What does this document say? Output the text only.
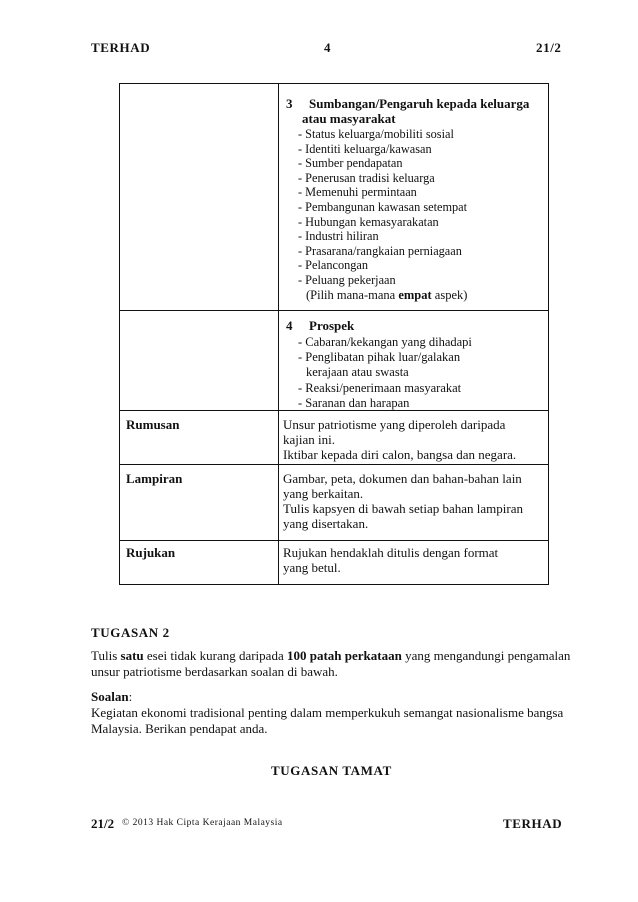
TERHAD	4	21/2
3 Sumbangan/Pengaruh kepada keluarga
atau masyarakat
- Status keluarga/mobiliti sosial
- Identiti keluarga/kawasan
- Sumber pendapatan
- Penerusan tradisi keluarga
- Memenuhi permintaan
- Pembangunan kawasan setempat
- Hubungan kemasyarakatan
- Industri hiliran
- Prasarana/rangkaian perniagaan
- Pelancongan
- Peluang pekerjaan
(Pilih mana-mana empat aspek)
4 Prospek
- Cabaran/kekangan yang dihadapi
- Penglibatan pihak luar/galakan
kerajaan atau swasta
- Reaksi/penerimaan masyarakat
- Saranan dan harapan
Rumusan	Unsur patriotisme yang diperoleh daripada
kajian ini.
Iktibar kepada diri calon, bangsa dan negara.
Lampiran	Gambar, peta, dokumen dan bahan-bahan lain
yang berkaitan.
Tulis kapsyen di bawah setiap bahan lampiran
yang disertakan.
Rujukan	Rujukan hendaklah ditulis dengan format
yang betul.
TUGASAN 2
Tulis satu esei tidak kurang daripada 100 patah perkataan yang mengandungi pengamalan
unsur patriotisme berdasarkan soalan di bawah.
Soalan:
Kegiatan ekonomi tradisional penting dalam memperkukuh semangat nasionalisme bangsa
Malaysia. Berikan pendapat anda.
TUGASAN TAMAT
21/2 © 2013 Hak Cipta Kerajaan Malaysia	TERHAD
